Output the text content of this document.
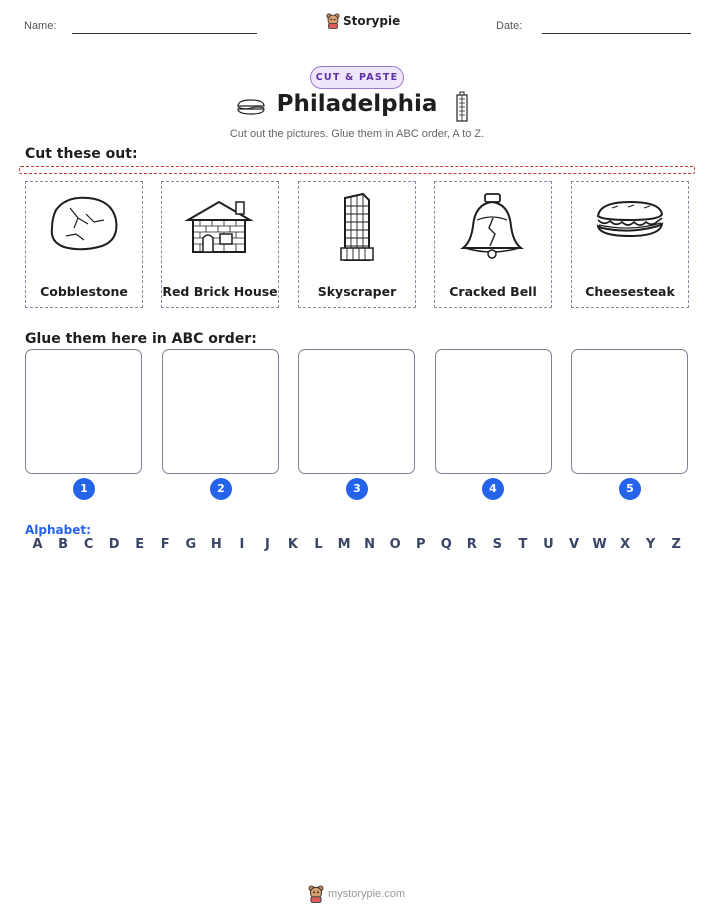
Name:	Storypie	Date:
CUT & PASTE
Philadelphia
Cut out the pictures. Glue them in ABC order, A to Z.
Cut these out:
Cobblestone	Red Brick House	Skyscraper	Cracked Bell	Cheesesteak
Glue them here in ABC order:
1	2	3	4	5
Alphabet:
A	B	C	D	E	F	G	H	I	J	K	L	M	N	O	P	Q	R	S	T	U	V	W	X	Y	Z
mystorypie.com
